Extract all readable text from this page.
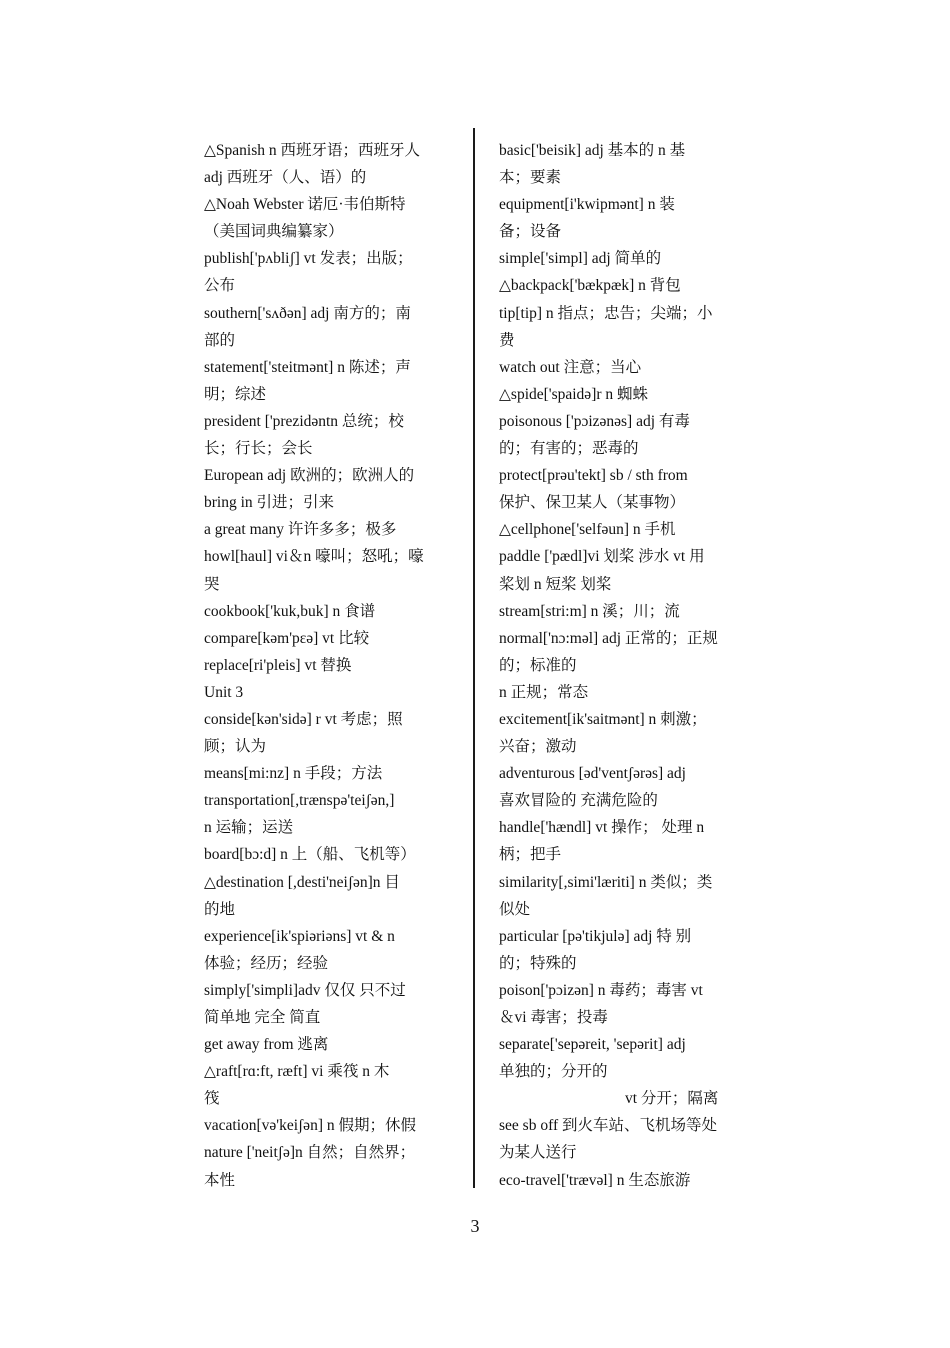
△Spanish n 西班牙语；西班牙人
adj 西班牙（人、语）的
△Noah Webster 诺厄·韦伯斯特
（美国词典编纂家）
publish['pʌbliʃ] vt 发表；出版；
公布
southern['sʌðən] adj 南方的；南
部的
statement['steitmənt] n 陈述；声
明；综述
president ['prezidəntn 总统；校
长；行长；会长
European adj 欧洲的；欧洲人的
bring in 引进；引来
a great many 许许多多；极多
howl[haul] vi＆n 嚎叫；怒吼；嚎
哭
cookbook['kuk,buk] n 食谱
compare[kəm'pɛə] vt 比较
replace[ri'pleis] vt 替换
Unit 3
conside[kən'sidə] r vt 考虑；照
顾；认为
means[mi:nz] n 手段；方法
transportation[,trænspə'teiʃən,]
n 运输；运送
board[bɔ:d] n 上（船、飞机等）
△destination [,desti'neiʃən]n 目
的地
experience[ik'spiəriəns] vt & n
体验；经历；经验
simply['simpli]adv 仅仅 只不过
简单地 完全 简直
get away from 逃离
△raft[rɑ:ft, ræft] vi 乘筏 n 木
筏
vacation[və'keiʃən] n 假期；休假
nature ['neitʃə]n 自然；自然界；
本性
basic['beisik] adj 基本的 n 基
本；要素
equipment[i'kwipmənt] n 装
备；设备
simple['simpl] adj 简单的
△backpack['bækpæk] n 背包
tip[tip] n 指点；忠告；尖端；小
费
watch out 注意；当心
△spide['spaidə]r n 蜘蛛
poisonous ['pɔizənəs] adj 有毒
的；有害的；恶毒的
protect[prəu'tekt] sb / sth from
保护、保卫某人（某事物）
△cellphone['selfəun] n 手机
paddle ['pædl]vi 划桨 涉水 vt 用
桨划 n 短桨 划桨
stream[stri:m] n 溪；川；流
normal['nɔ:məl] adj 正常的；正规
的；标准的
n 正规；常态
excitement[ik'saitmənt] n 刺激；
兴奋；激动
adventurous [əd'ventʃərəs] adj
喜欢冒险的 充满危险的
handle['hændl] vt 操作； 处理 n
柄；把手
similarity[,simi'læriti] n 类似；类
似处
particular [pə'tikjulə] adj 特 别
的；特殊的
poison['pɔizən] n 毒药；毒害 vt
＆vi 毒害；投毒
separate['sepəreit, 'sepərit] adj
单独的；分开的
vt 分开；隔离
see sb off 到火车站、飞机场等处
为某人送行
eco-travel['trævəl] n 生态旅游
3
